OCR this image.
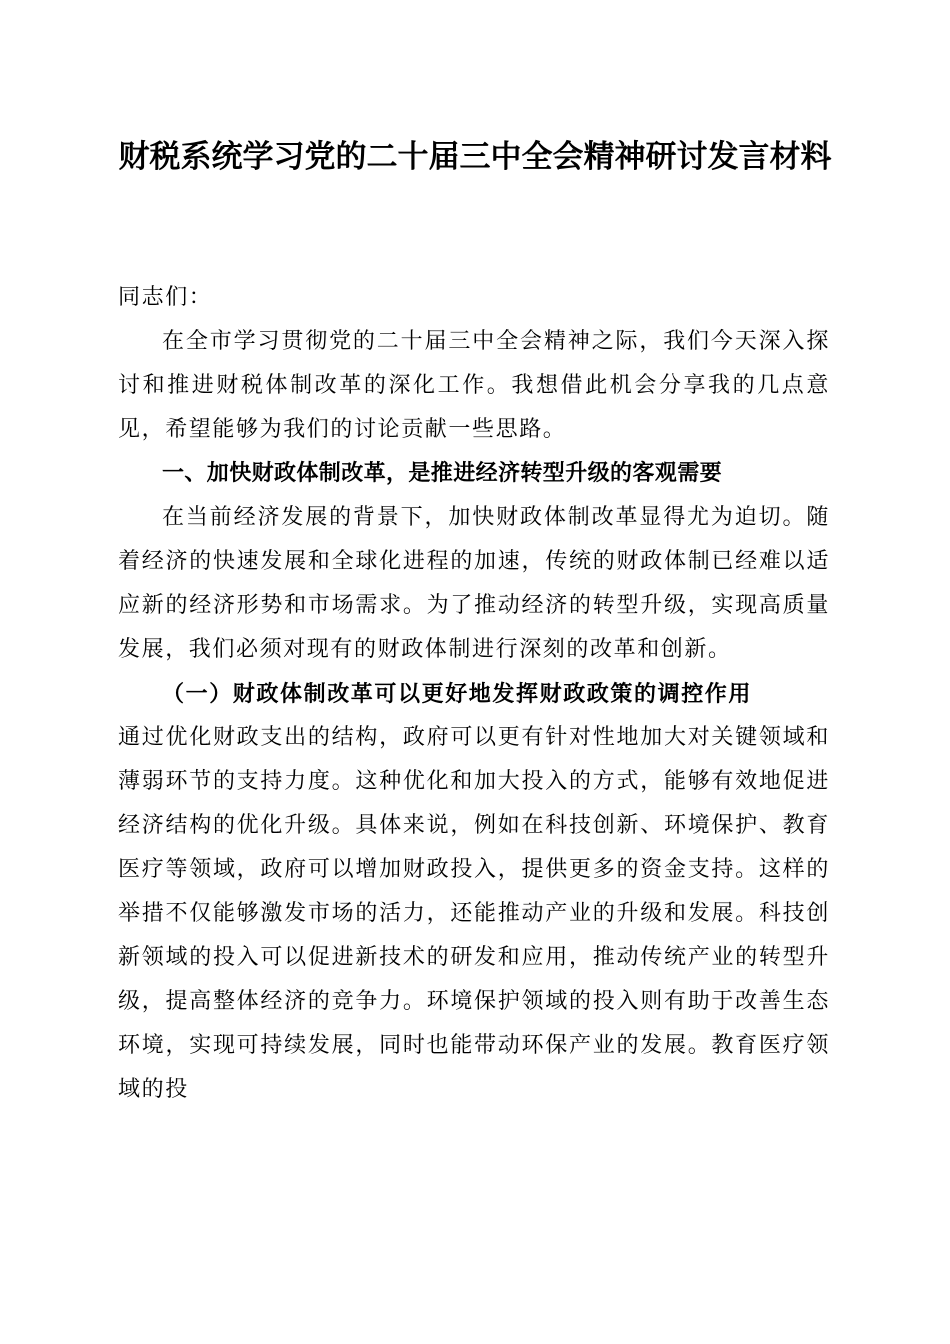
财税系统学习党的二十届三中全会精神研讨发言材料

同志们：

在全市学习贯彻党的二十届三中全会精神之际，我们今天深入探讨和推进财税体制改革的深化工作。我想借此机会分享我的几点意见，希望能够为我们的讨论贡献一些思路。

一、加快财政体制改革，是推进经济转型升级的客观需要

在当前经济发展的背景下，加快财政体制改革显得尤为迫切。随着经济的快速发展和全球化进程的加速，传统的财政体制已经难以适应新的经济形势和市场需求。为了推动经济的转型升级，实现高质量发展，我们必须对现有的财政体制进行深刻的改革和创新。

（一）财政体制改革可以更好地发挥财政政策的调控作用

通过优化财政支出的结构，政府可以更有针对性地加大对关键领域和薄弱环节的支持力度。这种优化和加大投入的方式，能够有效地促进经济结构的优化升级。具体来说，例如在科技创新、环境保护、教育医疗等领域，政府可以增加财政投入，提供更多的资金支持。这样的举措不仅能够激发市场的活力，还能推动产业的升级和发展。科技创新领域的投入可以促进新技术的研发和应用，推动传统产业的转型升级，提高整体经济的竞争力。环境保护领域的投入则有助于改善生态环境，实现可持续发展，同时也能带动环保产业的发展。教育医疗领域的投
